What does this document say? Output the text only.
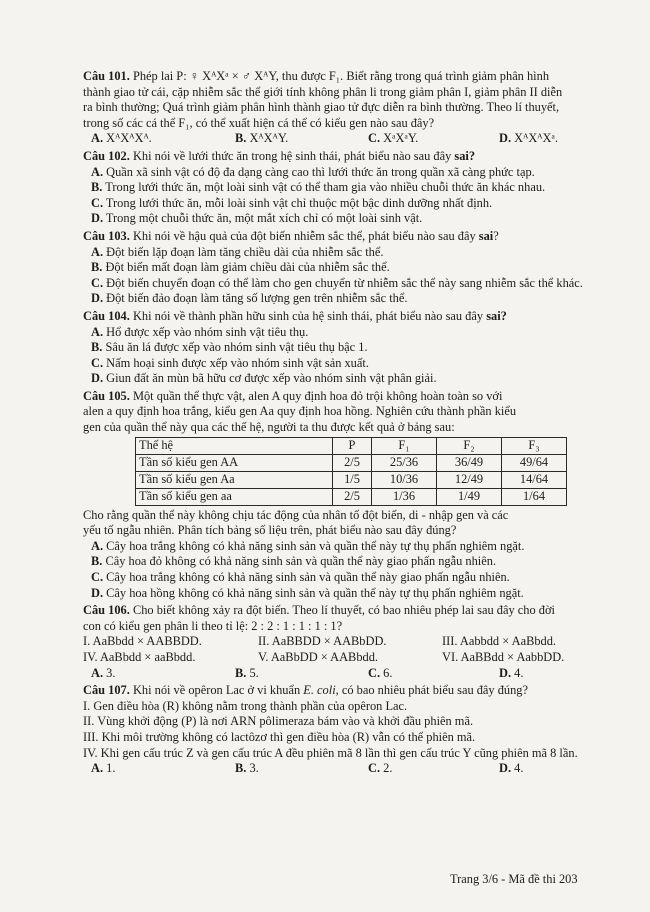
Câu 101. Phép lai P: ♀ XᴬXᵃ × ♂ XᴬY, thu được F₁. Biết rằng trong quá trình giảm phân hình

thành giao tử cái, cặp nhiễm sắc thể giới tính không phân li trong giảm phân I, giảm phân II diễn

ra bình thường; Quá trình giảm phân hình thành giao tử đực diễn ra bình thường. Theo lí thuyết,

trong số các cá thể F₁, có thể xuất hiện cá thể có kiểu gen nào sau đây?

A. XᴬXᴬXᴬ.	B. XᴬXᴬY.	C. XᵃXᵃY.	D. XᴬXᴬXᵃ.

Câu 102. Khi nói về lưới thức ăn trong hệ sinh thái, phát biểu nào sau đây sai?

A. Quần xã sinh vật có độ đa dạng càng cao thì lưới thức ăn trong quần xã càng phức tạp.

B. Trong lưới thức ăn, một loài sinh vật có thể tham gia vào nhiều chuỗi thức ăn khác nhau.

C. Trong lưới thức ăn, mỗi loài sinh vật chỉ thuộc một bậc dinh dưỡng nhất định.

D. Trong một chuỗi thức ăn, một mắt xích chỉ có một loài sinh vật.

Câu 103. Khi nói về hậu quả của đột biến nhiễm sắc thể, phát biểu nào sau đây sai?

A. Đột biến lặp đoạn làm tăng chiều dài của nhiễm sắc thể.

B. Đột biến mất đoạn làm giảm chiều dài của nhiễm sắc thể.

C. Đột biến chuyển đoạn có thể làm cho gen chuyển từ nhiễm sắc thể này sang nhiễm sắc thể khác.

D. Đột biến đảo đoạn làm tăng số lượng gen trên nhiễm sắc thể.

Câu 104. Khi nói về thành phần hữu sinh của hệ sinh thái, phát biểu nào sau đây sai?

A. Hổ được xếp vào nhóm sinh vật tiêu thụ.

B. Sâu ăn lá được xếp vào nhóm sinh vật tiêu thụ bậc 1.

C. Nấm hoại sinh được xếp vào nhóm sinh vật sản xuất.

D. Giun đất ăn mùn bã hữu cơ được xếp vào nhóm sinh vật phân giải.

Câu 105. Một quần thể thực vật, alen A quy định hoa đỏ trội không hoàn toàn so với

alen a quy định hoa trắng, kiểu gen Aa quy định hoa hồng. Nghiên cứu thành phần kiểu

gen của quần thể này qua các thế hệ, người ta thu được kết quả ở bảng sau:

Thế hệ	P	F₁	F₂	F₃
Tần số kiểu gen AA	2/5	25/36	36/49	49/64
Tần số kiểu gen Aa	1/5	10/36	12/49	14/64
Tần số kiểu gen aa	2/5	1/36	1/49	1/64

Cho rằng quần thể này không chịu tác động của nhân tố đột biến, di - nhập gen và các

yếu tố ngẫu nhiên. Phân tích bảng số liệu trên, phát biểu nào sau đây đúng?

A. Cây hoa trắng không có khả năng sinh sản và quần thể này tự thụ phấn nghiêm ngặt.

B. Cây hoa đỏ không có khả năng sinh sản và quần thể này giao phấn ngẫu nhiên.

C. Cây hoa trắng không có khả năng sinh sản và quần thể này giao phấn ngẫu nhiên.

D. Cây hoa hồng không có khả năng sinh sản và quần thể này tự thụ phấn nghiêm ngặt.

Câu 106. Cho biết không xảy ra đột biến. Theo lí thuyết, có bao nhiêu phép lai sau đây cho đời

con có kiểu gen phân li theo tỉ lệ: 2 : 2 : 1 : 1 : 1 : 1?

I. AaBbdd × AABBDD.	II. AaBBDD × AABbDD.	III. Aabbdd × AaBbdd.
IV. AaBbdd × aaBbdd.	V. AaBbDD × AABbdd.	VI. AaBBdd × AabbDD.
A. 3.	B. 5.	C. 6.	D. 4.

Câu 107. Khi nói về opêron Lac ở vi khuẩn E. coli, có bao nhiêu phát biểu sau đây đúng?

I. Gen điều hòa (R) không nằm trong thành phần của opêron Lac.

II. Vùng khởi động (P) là nơi ARN pôlimeraza bám vào và khởi đầu phiên mã.

III. Khi môi trường không có lactôzơ thì gen điều hòa (R) vẫn có thể phiên mã.

IV. Khi gen cấu trúc Z và gen cấu trúc A đều phiên mã 8 lần thì gen cấu trúc Y cũng phiên mã 8 lần.

A. 1.	B. 3.	C. 2.	D. 4.
Trang 3/6 - Mã đề thi 203
